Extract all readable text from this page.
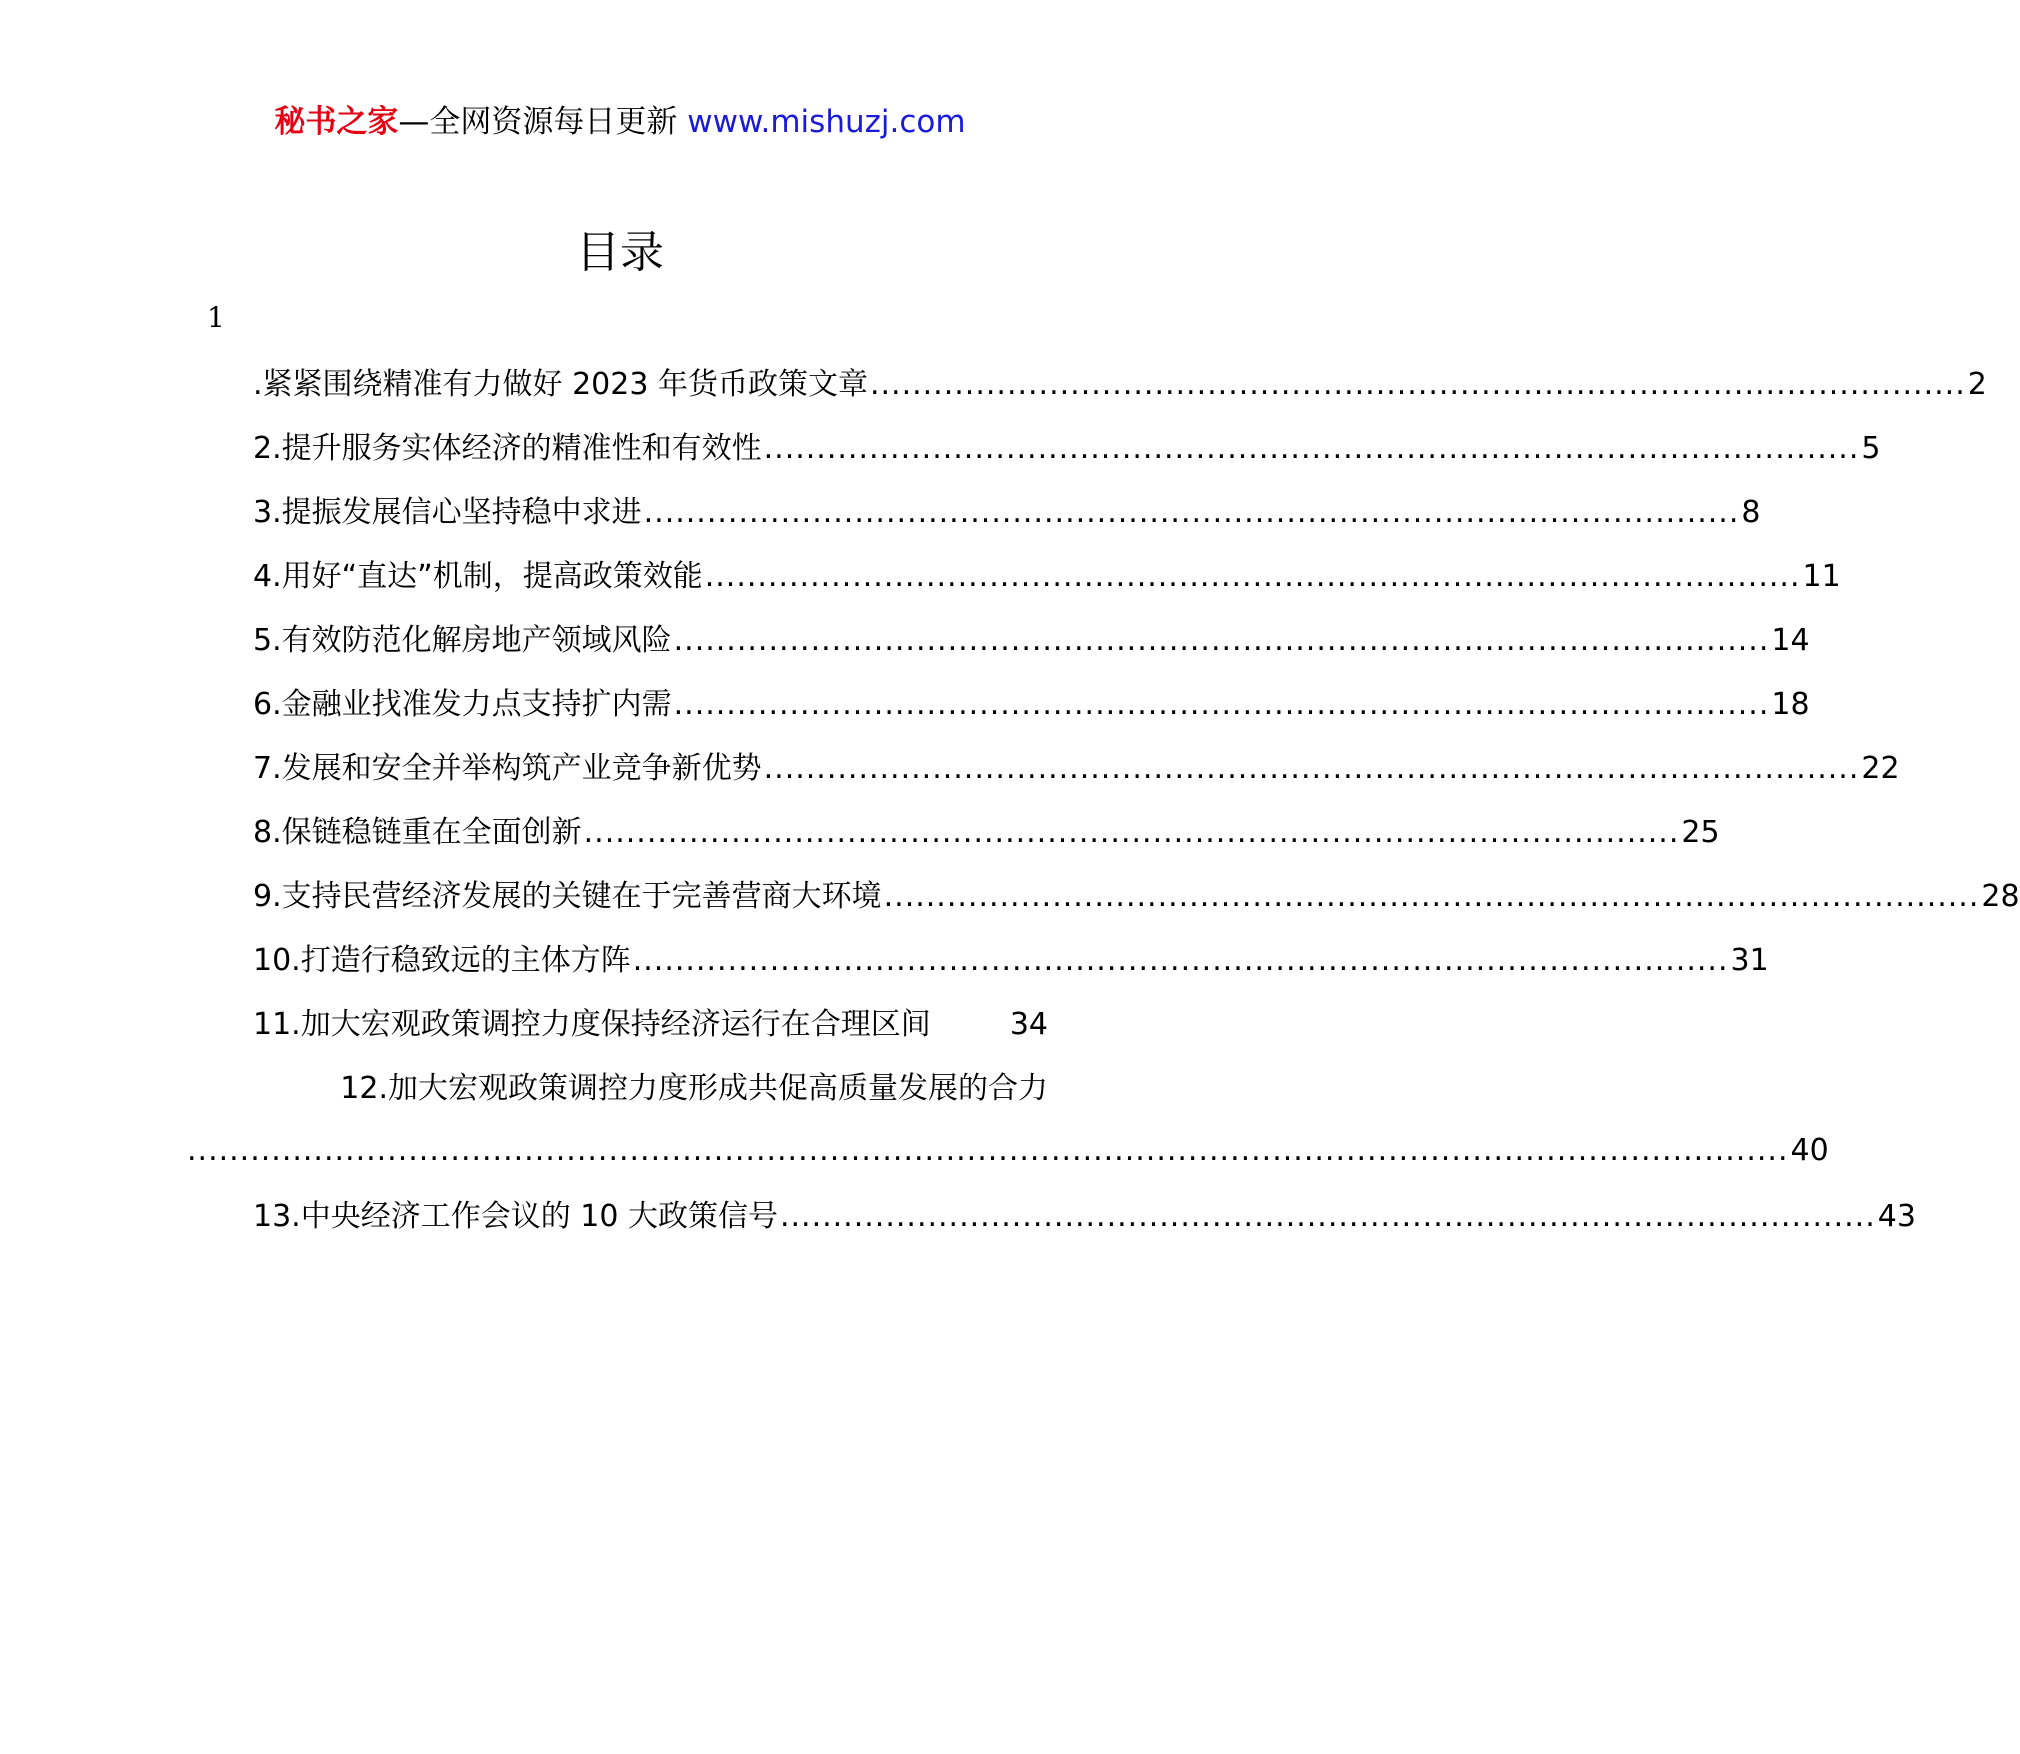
秘书之家—全网资源每日更新 www.mishuzj.com
目录
1
.紧紧围绕精准有力做好 2023 年货币政策文章 ........................................................................................................ 2
2.提升服务实体经济的精准性和有效性 ........................................................................................................ 5
3.提振发展信心坚持稳中求进 ........................................................................................................ 8
4.用好“直达”机制，提高政策效能 ........................................................................................................ 11
5.有效防范化解房地产领域风险 ........................................................................................................ 14
6.金融业找准发力点支持扩内需 ........................................................................................................ 18
7.发展和安全并举构筑产业竞争新优势 ........................................................................................................ 22
8.保链稳链重在全面创新 ........................................................................................................ 25
9.支持民营经济发展的关键在于完善营商大环境 ........................................................................................................ 28
10.打造行稳致远的主体方阵 ........................................................................................................ 31
11.加大宏观政策调控力度保持经济运行在合理区间	34
12.加大宏观政策调控力度形成共促高质量发展的合力
........................................................................................................................................................ 40
13.中央经济工作会议的 10 大政策信号 ........................................................................................................ 43
